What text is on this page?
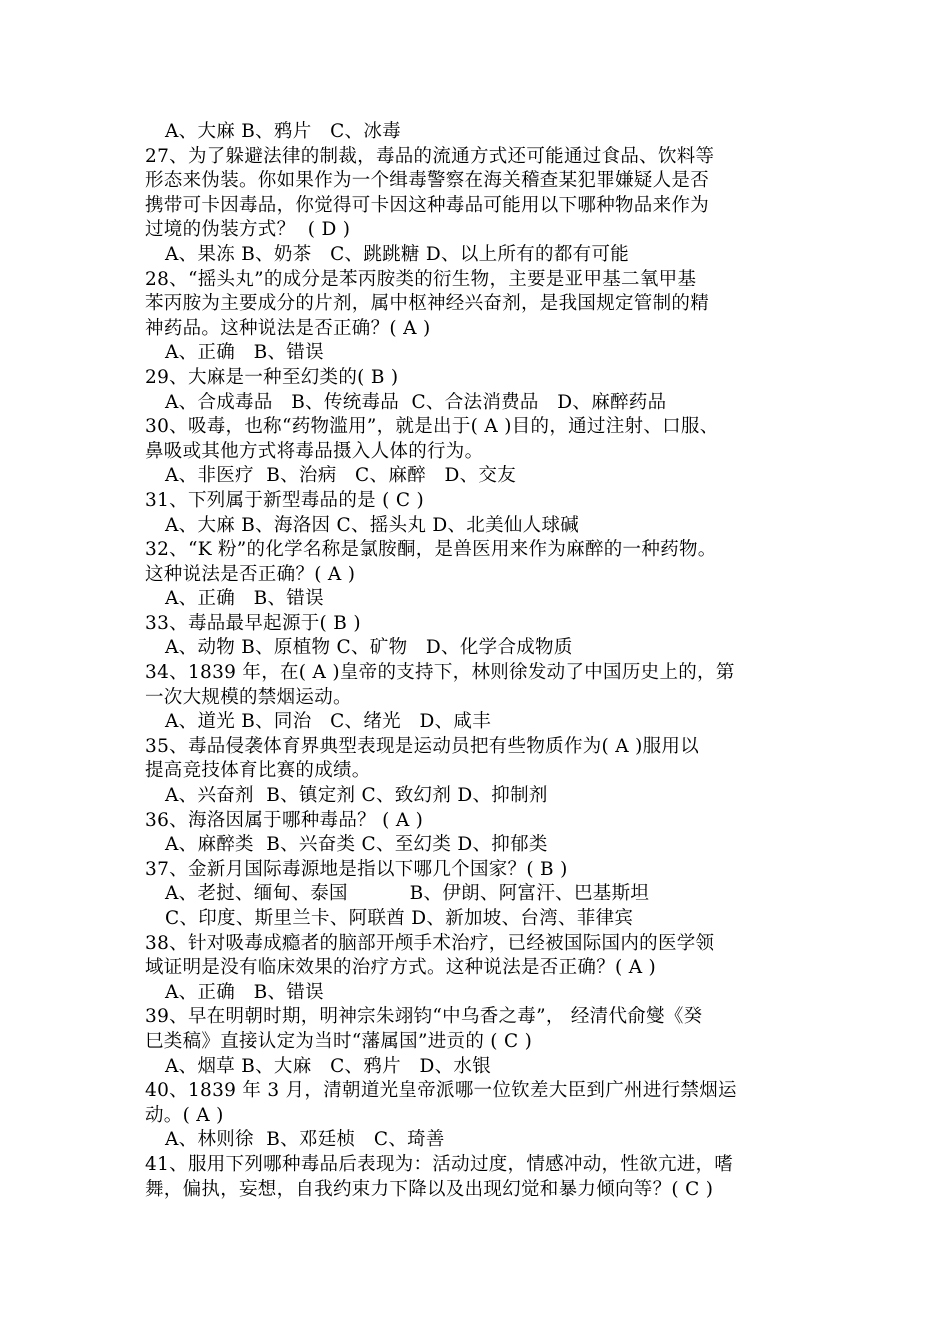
A、大麻 B、鸦片   C、冰毒
27、为了躲避法律的制裁，毒品的流通方式还可能通过食品、饮料等
形态来伪装。你如果作为一个缉毒警察在海关稽查某犯罪嫌疑人是否
携带可卡因毒品，你觉得可卡因这种毒品可能用以下哪种物品来作为
过境的伪装方式？  ( D )
A、果冻 B、奶茶   C、跳跳糖 D、以上所有的都有可能
28、“摇头丸”的成分是苯丙胺类的衍生物，主要是亚甲基二氧甲基
苯丙胺为主要成分的片剂，属中枢神经兴奋剂，是我国规定管制的精
神药品。这种说法是否正确？( A )
A、正确   B、错误
29、大麻是一种至幻类的( B )
A、合成毒品   B、传统毒品  C、合法消费品   D、麻醉药品
30、吸毒，也称“药物滥用”，就是出于( A )目的，通过注射、口服、
鼻吸或其他方式将毒品摄入人体的行为。
A、非医疗  B、治病   C、麻醉   D、交友
31、下列属于新型毒品的是 ( C )
A、大麻 B、海洛因 C、摇头丸 D、北美仙人球碱
32、“K 粉”的化学名称是氯胺酮，是兽医用来作为麻醉的一种药物。
这种说法是否正确？( A )
A、正确   B、错误
33、毒品最早起源于( B )
A、动物 B、原植物 C、矿物   D、化学合成物质
34、1839 年，在( A )皇帝的支持下，林则徐发动了中国历史上的，第
一次大规模的禁烟运动。
A、道光 B、同治   C、绪光   D、咸丰
35、毒品侵袭体育界典型表现是运动员把有些物质作为( A )服用以
提高竞技体育比赛的成绩。
A、兴奋剂  B、镇定剂 C、致幻剂 D、抑制剂
36、海洛因属于哪种毒品？ ( A )
A、麻醉类  B、兴奋类 C、至幻类 D、抑郁类
37、金新月国际毒源地是指以下哪几个国家？( B )
A、老挝、缅甸、泰国          B、伊朗、阿富汗、巴基斯坦
C、印度、斯里兰卡、阿联酋 D、新加坡、台湾、菲律宾
38、针对吸毒成瘾者的脑部开颅手术治疗，已经被国际国内的医学领
域证明是没有临床效果的治疗方式。这种说法是否正确？( A )
A、正确   B、错误
39、早在明朝时期，明神宗朱翊钧“中乌香之毒”， 经清代俞燮《癸
巳类稿》直接认定为当时“藩属国”进贡的 ( C )
A、烟草 B、大麻   C、鸦片   D、水银
40、1839 年 3 月，清朝道光皇帝派哪一位钦差大臣到广州进行禁烟运
动。( A )
A、林则徐  B、邓廷桢   C、琦善
41、服用下列哪种毒品后表现为：活动过度，情感冲动，性欲亢进，嗜
舞，偏执，妄想，自我约束力下降以及出现幻觉和暴力倾向等？( C )
